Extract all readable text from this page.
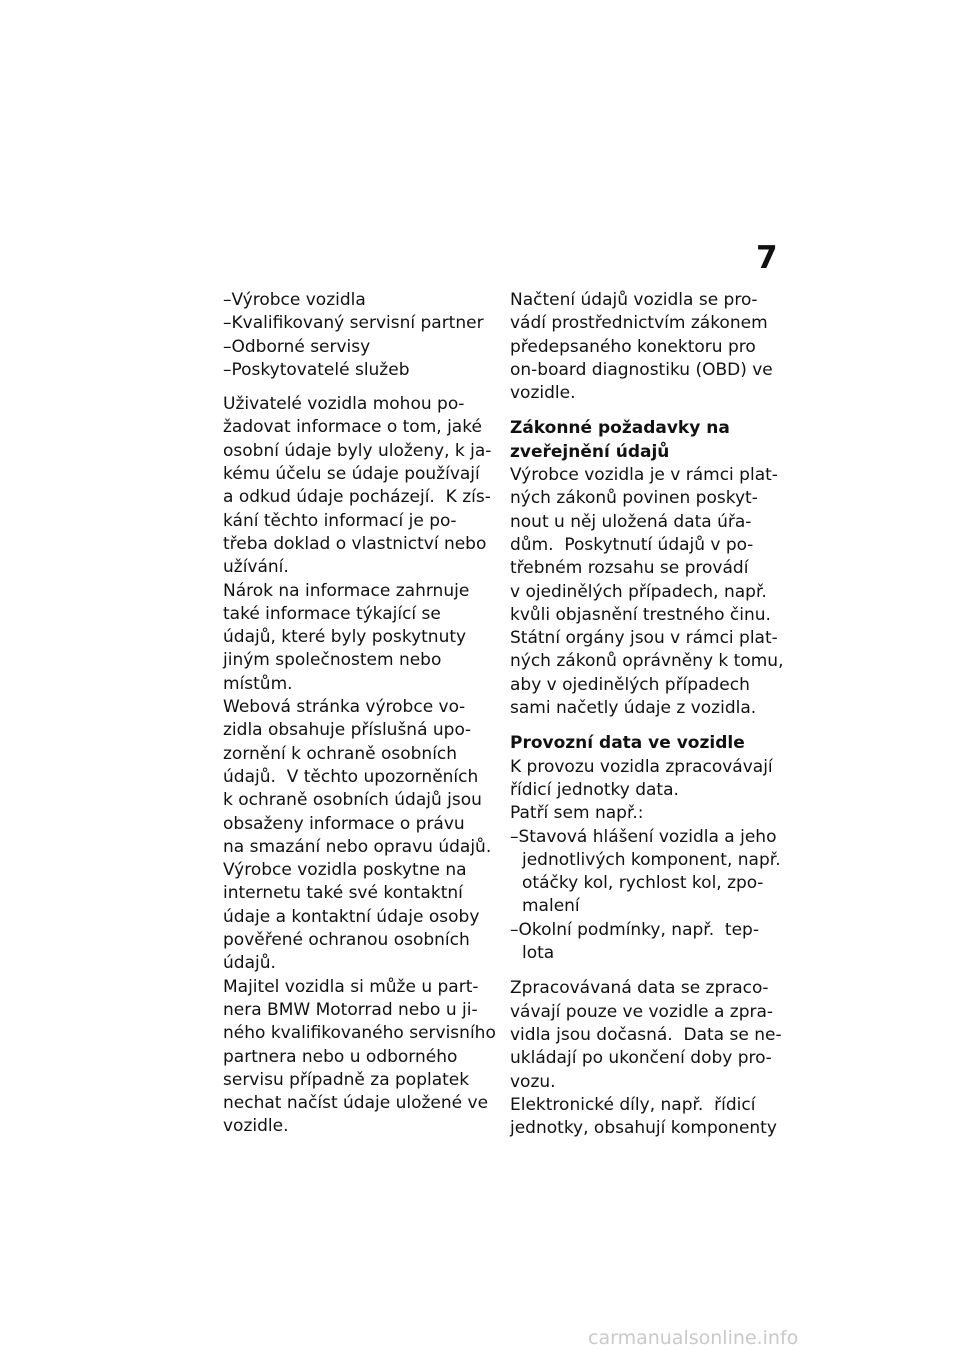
7
–Výrobce vozidla
–Kvalifikovaný servisní partner
–Odborné servisy
–Poskytovatelé služeb
Uživatelé vozidla mohou po‐
žadovat informace o tom, jaké
osobní údaje byly uloženy, k ja‐
kému účelu se údaje používají
a odkud údaje pocházejí.  K zís‐
kání těchto informací je po‐
třeba doklad o vlastnictví nebo
užívání.
Nárok na informace zahrnuje
také informace týkající se
údajů, které byly poskytnuty
jiným společnostem nebo
místům.
Webová stránka výrobce vo‐
zidla obsahuje příslušná upo‐
zornění k ochraně osobních
údajů.  V těchto upozorněních
k ochraně osobních údajů jsou
obsaženy informace o právu
na smazání nebo opravu údajů.
Výrobce vozidla poskytne na
internetu také své kontaktní
údaje a kontaktní údaje osoby
pověřené ochranou osobních
údajů.
Majitel vozidla si může u part‐
nera BMW Motorrad nebo u ji‐
ného kvalifikovaného servisního
partnera nebo u odborného
servisu případně za poplatek
nechat načíst údaje uložené ve
vozidle.
Načtení údajů vozidla se pro‐
vádí prostřednictvím zákonem
předepsaného konektoru pro
on-board diagnostiku (OBD) ve
vozidle.
Zákonné požadavky na
zveřejnění údajů
Výrobce vozidla je v rámci plat‐
ných zákonů povinen poskyt‐
nout u něj uložená data úřa‐
dům.  Poskytnutí údajů v po‐
třebném rozsahu se provádí
v ojedinělých případech, např.
kvůli objasnění trestného činu.
Státní orgány jsou v rámci plat‐
ných zákonů oprávněny k tomu,
aby v ojedinělých případech
sami načetly údaje z vozidla.
Provozní data ve vozidle
K provozu vozidla zpracovávají
řídicí jednotky data.
Patří sem např.:
–Stavová hlášení vozidla a jeho
jednotlivých komponent, např.
otáčky kol, rychlost kol, zpo‐
malení
–Okolní podmínky, např.  tep‐
lota
Zpracovávaná data se zpraco‐
vávají pouze ve vozidle a zpra‐
vidla jsou dočasná.  Data se ne‐
ukládají po ukončení doby pro‐
vozu.
Elektronické díly, např.  řídicí
jednotky, obsahují komponenty
carmanualsonline.info
